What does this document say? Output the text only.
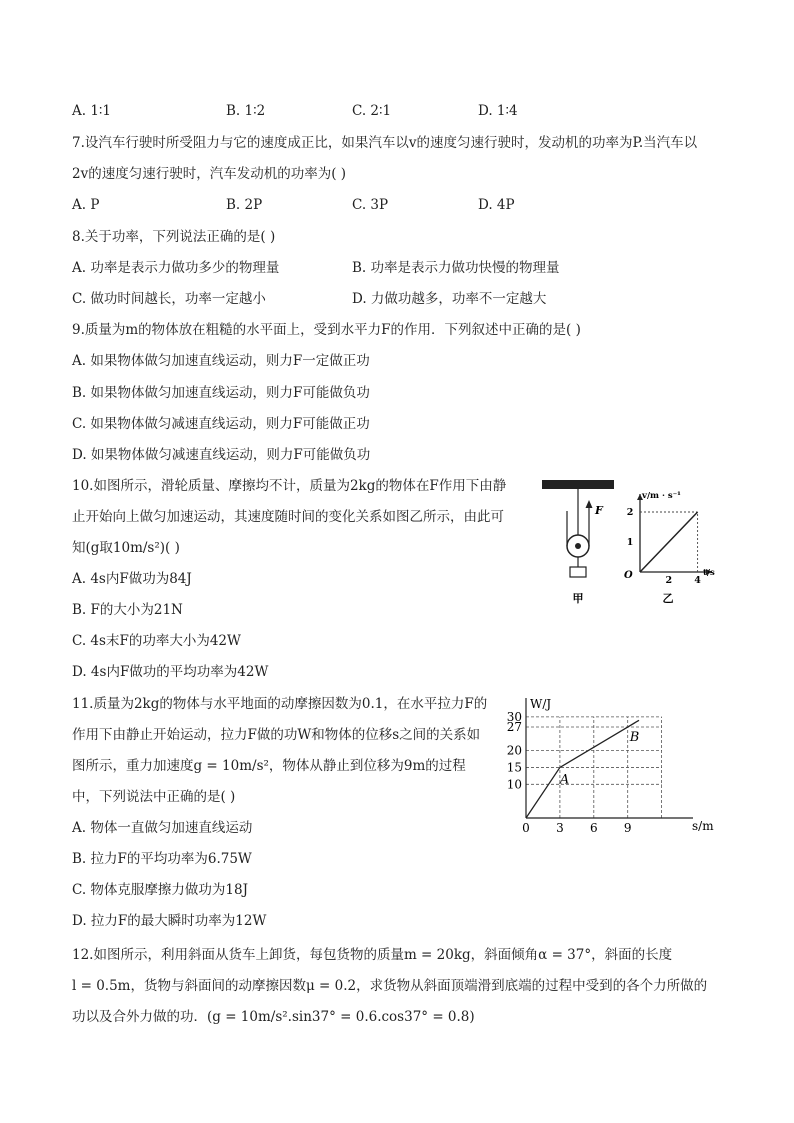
A. 1∶1	B. 1∶2	C. 2∶1	D. 1∶4
7.设汽车行驶时所受阻力与它的速度成正比，如果汽车以v的速度匀速行驶时，发动机的功率为P.当汽车以
2v的速度匀速行驶时，汽车发动机的功率为( )
A. P	B. 2P	C. 3P	D. 4P
8.关于功率，下列说法正确的是( )
A. 功率是表示力做功多少的物理量	B. 功率是表示力做功快慢的物理量
C. 做功时间越长，功率一定越小	D. 力做功越多，功率不一定越大
9.质量为m的物体放在粗糙的水平面上，受到水平力F的作用．下列叙述中正确的是( )
A. 如果物体做匀加速直线运动，则力F一定做正功
B. 如果物体做匀加速直线运动，则力F可能做负功
C. 如果物体做匀减速直线运动，则力F可能做正功
D. 如果物体做匀减速直线运动，则力F可能做负功
10.如图所示，滑轮质量、摩擦均不计，质量为2kg的物体在F作用下由静
止开始向上做匀加速运动，其速度随时间的变化关系如图乙所示，由此可
知(g取10m/s²)( )
A. 4s内F做功为84J
B. F的大小为21N
C. 4s末F的功率大小为42W
D. 4s内F做功的平均功率为42W
F
甲
2 4
1
2
v/m · s⁻¹
t/s
O
乙
11.质量为2kg的物体与水平地面的动摩擦因数为0.1，在水平拉力F的
作用下由静止开始运动，拉力F做的功W和物体的位移s之间的关系如
图所示，重力加速度g = 10m/s²，物体从静止到位移为9m的过程
中，下列说法中正确的是( )
A. 物体一直做匀加速直线运动
B. 拉力F的平均功率为6.75W
C. 物体克服摩擦力做功为18J
D. 拉力F的最大瞬时功率为12W
10
15
20
27
30
0 3 6 9
A
B
W/J
s/m
12.如图所示，利用斜面从货车上卸货，每包货物的质量m = 20kg，斜面倾角α = 37°，斜面的长度
l = 0.5m，货物与斜面间的动摩擦因数μ = 0.2，求货物从斜面顶端滑到底端的过程中受到的各个力所做的
功以及合外力做的功．(g = 10m/s².sin37° = 0.6.cos37° = 0.8)
